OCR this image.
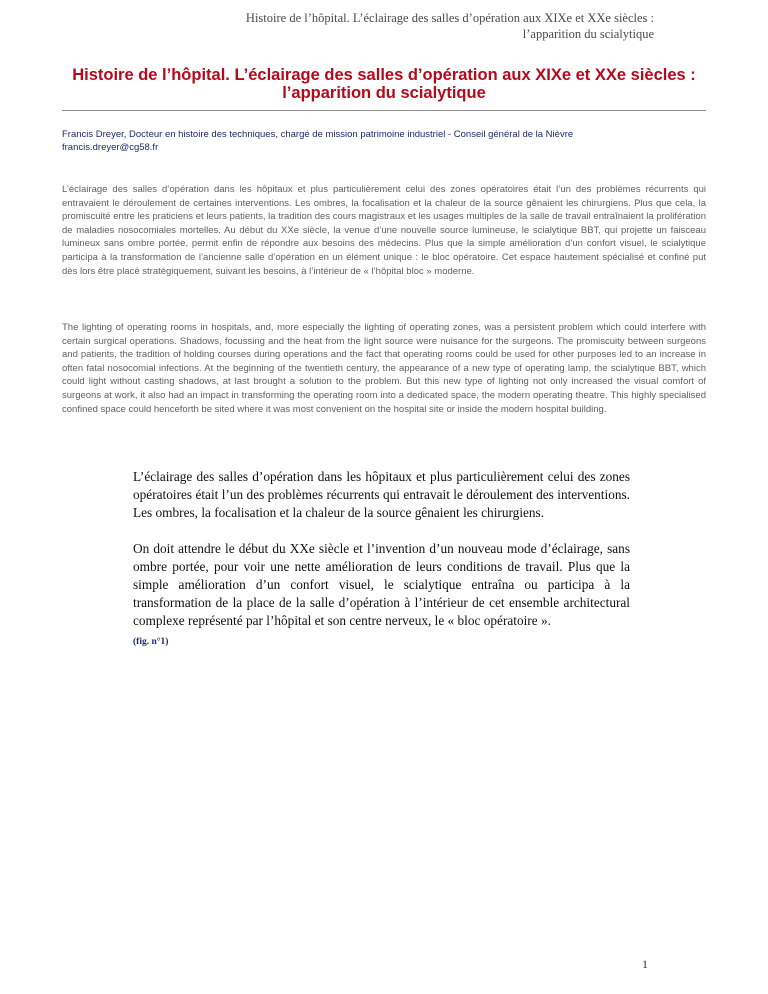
Histoire de l’hôpital. L’éclairage des salles d’opération aux XIXe et XXe siècles :
l’apparition du scialytique
Histoire de l’hôpital. L’éclairage des salles d’opération aux XIXe et XXe siècles :
l’apparition du scialytique
Francis Dreyer, Docteur en histoire des techniques, chargé de mission patrimoine industriel - Conseil général de la Nièvre
francis.dreyer@cg58.fr

L’éclairage des salles d’opération dans les hôpitaux et plus particulièrement celui des zones opératoires était l’un des problèmes récurrents qui entravaient le déroulement de certaines interventions. Les ombres, la focalisation et la chaleur de la source gênaient les chirurgiens. Plus que cela, la promiscuité entre les praticiens et leurs patients, la tradition des cours magistraux et les usages multiples de la salle de travail entraînaient la prolifération de maladies nosocomiales mortelles. Au début du XXe siècle, la venue d’une nouvelle source lumineuse, le scialytique BBT, qui projette un faisceau lumineux sans ombre portée, permit enfin de répondre aux besoins des médecins. Plus que la simple amélioration d’un confort visuel, le scialytique participa à la transformation de l’ancienne salle d’opération en un élément unique : le bloc opératoire. Cet espace hautement spécialisé et confiné put dès lors être placé stratégiquement, suivant les besoins, à l’intérieur de « l’hôpital bloc » moderne.

The lighting of operating rooms in hospitals, and, more especially the lighting of operating zones, was a persistent problem which could interfere with certain surgical operations. Shadows, focussing and the heat from the light source were nuisance for the surgeons. The promiscuity between surgeons and patients, the tradition of holding courses during operations and the fact that operating rooms could be used for other purposes led to an increase in often fatal nosocomial infections. At the beginning of the twentieth century, the appearance of a new type of operating lamp, the scialytique BBT, which could light without casting shadows, at last brought a solution to the problem. But this new type of lighting not only increased the visual comfort of surgeons at work, it also had an impact in transforming the operating room into a dedicated space, the modern operating theatre. This highly specialised confined space could henceforth be sited where it was most convenient on the hospital site or inside the modern hospital building.

L’éclairage des salles d’opération dans les hôpitaux et plus particulièrement celui des zones opératoires était l’un des problèmes récurrents qui entravait le déroulement des interventions. Les ombres, la focalisation et la chaleur de la source gênaient les chirurgiens.

On doit attendre le début du XXe siècle et l’invention d’un nouveau mode d’éclairage, sans ombre portée, pour voir une nette amélioration de leurs conditions de travail. Plus que la simple amélioration d’un confort visuel, le scialytique entraîna ou participa à la transformation de la place de la salle d’opération à l’intérieur de cet ensemble architectural complexe représenté par l’hôpital et son centre nerveux, le « bloc opératoire ».

(fig. n°1)
1
